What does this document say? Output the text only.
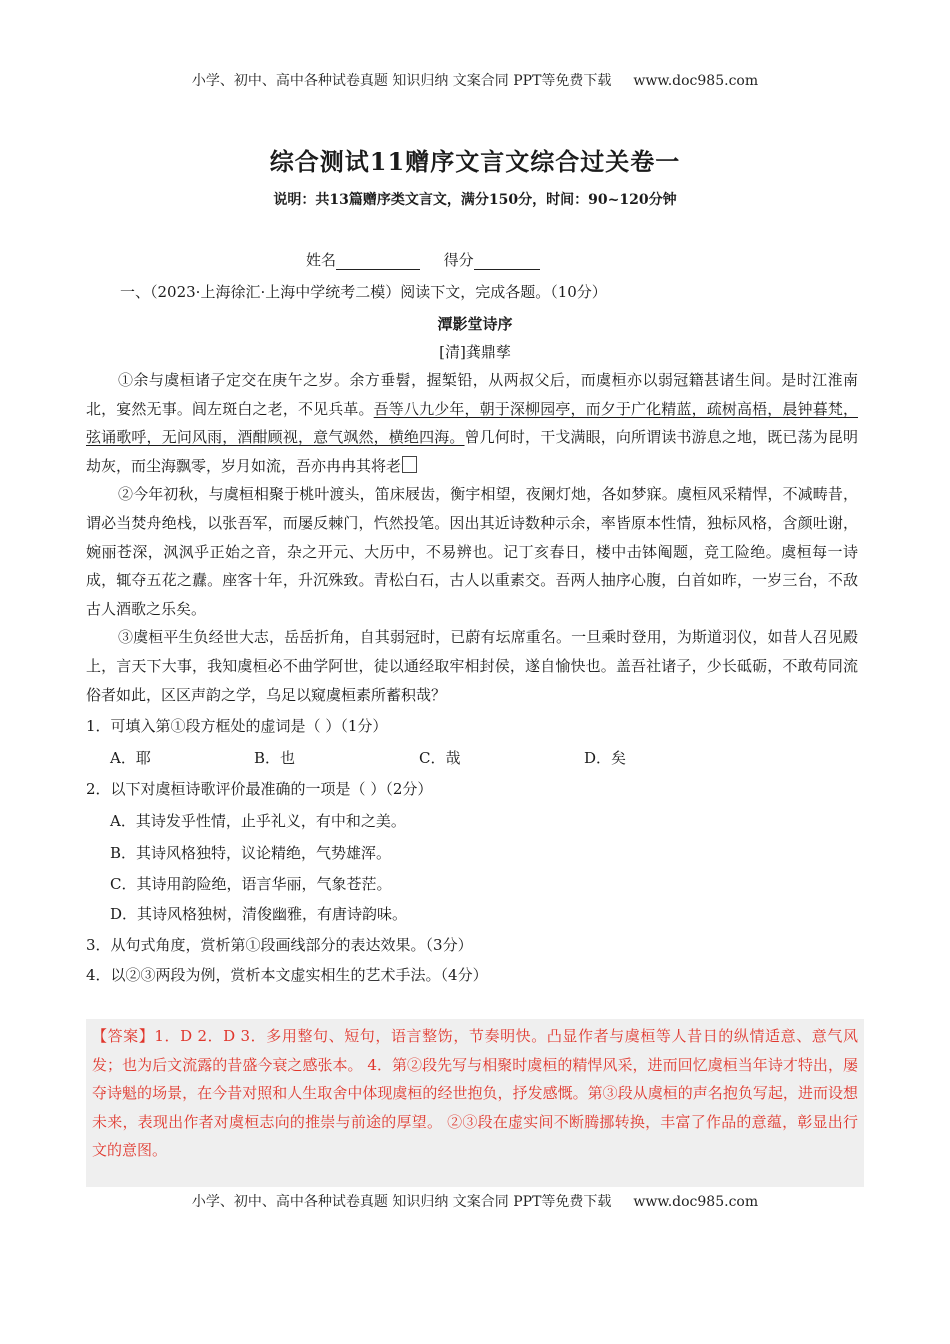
小学、初中、高中各种试卷真题 知识归纳 文案合同 PPT等免费下载 www.doc985.com
综合测试11赠序文言文综合过关卷一
说明：共13篇赠序类文言文，满分150分，时间：90~120分钟
姓名	得分
一、（2023·上海徐汇·上海中学统考二模）阅读下文，完成各题。（10分）
潭影堂诗序
[清]龚鼎孳

①余与虞桓诸子定交在庚午之岁。余方垂髫，握椠铅，从两叔父后，而虞桓亦以弱冠籍甚诸生间。是时江淮南北，宴然无事。闾左斑白之老，不见兵革。吾等八九少年，朝于深柳园亭，而夕于广化精蓝，疏树高梧，晨钟暮梵，弦诵歌呼，无问风雨，酒酣顾视，意气飒然，横绝四海。曾几何时，干戈满眼，向所谓读书游息之地，既已荡为昆明劫灰，而尘海飘零，岁月如流，吾亦冉冉其将老

②今年初秋，与虞桓相聚于桃叶渡头，笛床屐齿，衡宇相望，夜阑灯灺，各如梦寐。虞桓风采精悍，不减畴昔，谓必当焚舟绝栈，以张吾军，而屡反棘门，忾然投笔。因出其近诗数种示余，率皆原本性情，独标风格，含颜吐谢，婉丽苍深，沨沨乎正始之音，杂之开元、大历中，不易辨也。记丁亥春日，楼中击钵阄题，竞工险绝。虞桓每一诗成，辄夺五花之纛。座客十年，升沉殊致。青松白石，古人以重素交。吾两人抽序心腹，白首如昨，一岁三台，不敌古人酒歌之乐矣。

③虞桓平生负经世大志，岳岳折角，自其弱冠时，已蔚有坛席重名。一旦乘时登用，为斯道羽仪，如昔人召见殿上，言天下大事，我知虞桓必不曲学阿世，徒以通经取牢相封侯，遂自愉快也。盖吾社诸子，少长砥砺，不敢苟同流俗者如此，区区声韵之学，乌足以窥虞桓素所蓄积哉？

1．可填入第①段方框处的虚词是（ ）（1分）
A．耶	B．也	C．哉	D．矣
2．以下对虞桓诗歌评价最准确的一项是（ ）（2分）
A．其诗发乎性情，止乎礼义，有中和之美。
B．其诗风格独特，议论精绝，气势雄浑。
C．其诗用韵险绝，语言华丽，气象苍茫。
D．其诗风格独树，清俊幽雅，有唐诗韵味。
3．从句式角度，赏析第①段画线部分的表达效果。（3分）
4．以②③两段为例，赏析本文虚实相生的艺术手法。（4分）
【答案】1．D 2．D 3．多用整句、短句，语言整饬，节奏明快。凸显作者与虞桓等人昔日的纵情适意、意气风发；也为后文流露的昔盛今衰之感张本。 4．第②段先写与相聚时虞桓的精悍风采，进而回忆虞桓当年诗才特出，屡夺诗魁的场景，在今昔对照和人生取舍中体现虞桓的经世抱负，抒发感慨。第③段从虞桓的声名抱负写起，进而设想未来，表现出作者对虞桓志向的推崇与前途的厚望。 ②③段在虚实间不断腾挪转换，丰富了作品的意蕴，彰显出行文的意图。
小学、初中、高中各种试卷真题 知识归纳 文案合同 PPT等免费下载 www.doc985.com
